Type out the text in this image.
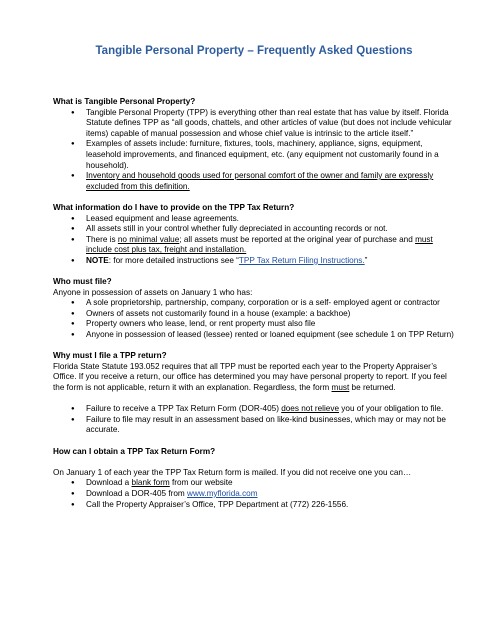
Tangible Personal Property – Frequently Asked Questions

What is Tangible Personal Property?

● Tangible Personal Property (TPP) is everything other than real estate that has value by itself. Florida Statute defines TPP as “all goods, chattels, and other articles of value (but does not include vehicular items) capable of manual possession and whose chief value is intrinsic to the article itself.”
● Examples of assets include: furniture, fixtures, tools, machinery, appliance, signs, equipment, leasehold improvements, and financed equipment, etc. (any equipment not customarily found in a household).
● Inventory and household goods used for personal comfort of the owner and family are expressly excluded from this definition.

What information do I have to provide on the TPP Tax Return?

● Leased equipment and lease agreements.
● All assets still in your control whether fully depreciated in accounting records or not.
● There is no minimal value; all assets must be reported at the original year of purchase and must include cost plus tax, freight and installation.
● NOTE: for more detailed instructions see “TPP Tax Return Filing Instructions.”

Who must file?

Anyone in possession of assets on January 1 who has:

● A sole proprietorship, partnership, company, corporation or is a self- employed agent or contractor
● Owners of assets not customarily found in a house (example: a backhoe)
● Property owners who lease, lend, or rent property must also file
● Anyone in possession of leased (lessee) rented or loaned equipment (see schedule 1 on TPP Return)

Why must I file a TPP return?

Florida State Statute 193.052 requires that all TPP must be reported each year to the Property Appraiser’s Office. If you receive a return, our office has determined you may have personal property to report. If you feel the form is not applicable, return it with an explanation. Regardless, the form must be returned.

● Failure to receive a TPP Tax Return Form (DOR-405) does not relieve you of your obligation to file.
● Failure to file may result in an assessment based on like-kind businesses, which may or may not be accurate.

How can I obtain a TPP Tax Return Form?

On January 1 of each year the TPP Tax Return form is mailed. If you did not receive one you can…

● Download a blank form from our website
● Download a DOR-405 from www.myflorida.com
● Call the Property Appraiser’s Office, TPP Department at (772) 226-1556.
